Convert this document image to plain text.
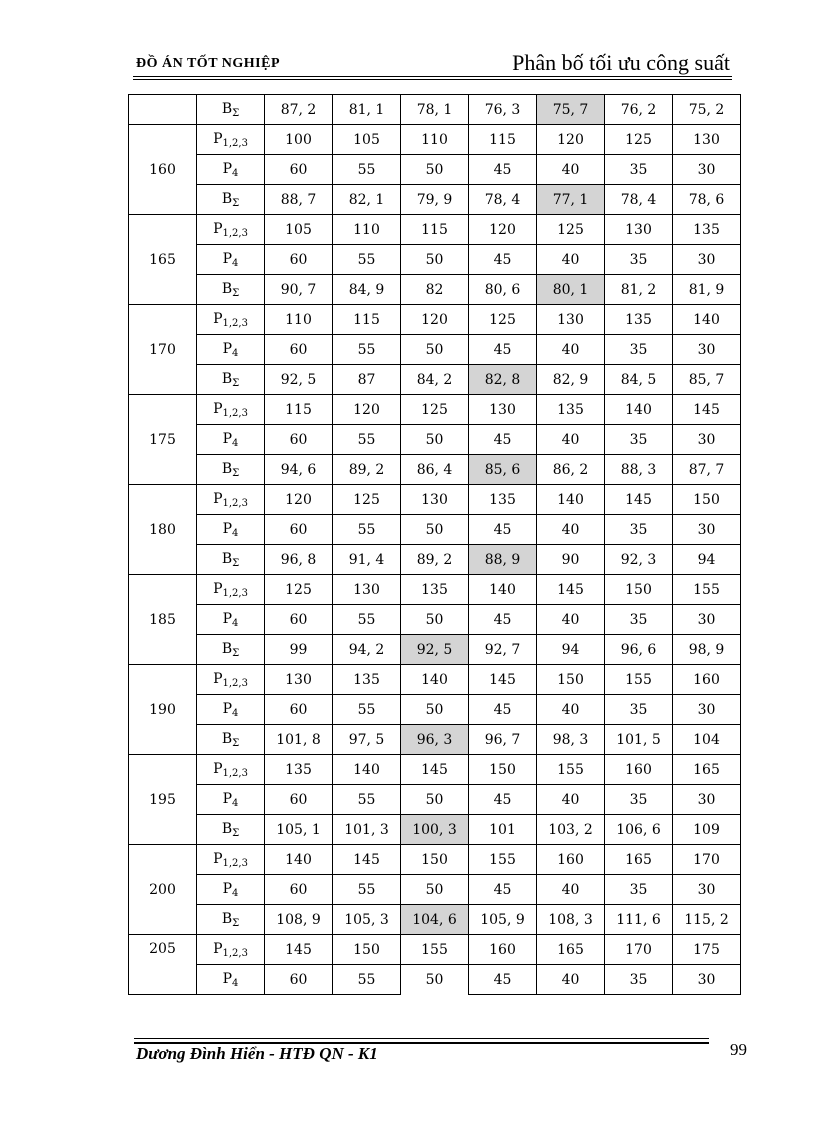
ĐỒ ÁN TỐT NGHIỆP	Phân bố tối ưu công suất
	$B_\Sigma$	87, 2	81, 1	78, 1	76, 3	75, 7	76, 2	75, 2
160	$P_{1,2,3}$	100	105	110	115	120	125	130
	$P_4$	60	55	50	45	40	35	30
	$B_\Sigma$	88, 7	82, 1	79, 9	78, 4	77, 1	78, 4	78, 6
165	$P_{1,2,3}$	105	110	115	120	125	130	135
	$P_4$	60	55	50	45	40	35	30
	$B_\Sigma$	90, 7	84, 9	82	80, 6	80, 1	81, 2	81, 9
170	$P_{1,2,3}$	110	115	120	125	130	135	140
	$P_4$	60	55	50	45	40	35	30
	$B_\Sigma$	92, 5	87	84, 2	82, 8	82, 9	84, 5	85, 7
175	$P_{1,2,3}$	115	120	125	130	135	140	145
	$P_4$	60	55	50	45	40	35	30
	$B_\Sigma$	94, 6	89, 2	86, 4	85, 6	86, 2	88, 3	87, 7
180	$P_{1,2,3}$	120	125	130	135	140	145	150
	$P_4$	60	55	50	45	40	35	30
	$B_\Sigma$	96, 8	91, 4	89, 2	88, 9	90	92, 3	94
185	$P_{1,2,3}$	125	130	135	140	145	150	155
	$P_4$	60	55	50	45	40	35	30
	$B_\Sigma$	99	94, 2	92, 5	92, 7	94	96, 6	98, 9
190	$P_{1,2,3}$	130	135	140	145	150	155	160
	$P_4$	60	55	50	45	40	35	30
	$B_\Sigma$	101, 8	97, 5	96, 3	96, 7	98, 3	101, 5	104
195	$P_{1,2,3}$	135	140	145	150	155	160	165
	$P_4$	60	55	50	45	40	35	30
	$B_\Sigma$	105, 1	101, 3	100, 3	101	103, 2	106, 6	109
200	$P_{1,2,3}$	140	145	150	155	160	165	170
	$P_4$	60	55	50	45	40	35	30
	$B_\Sigma$	108, 9	105, 3	104, 6	105, 9	108, 3	111, 6	115, 2
205	$P_{1,2,3}$	145	150	155	160	165	170	175
	$P_4$	60	55	50	45	40	35	30
Dương Đình Hiển - HTĐ QN - K1	99
